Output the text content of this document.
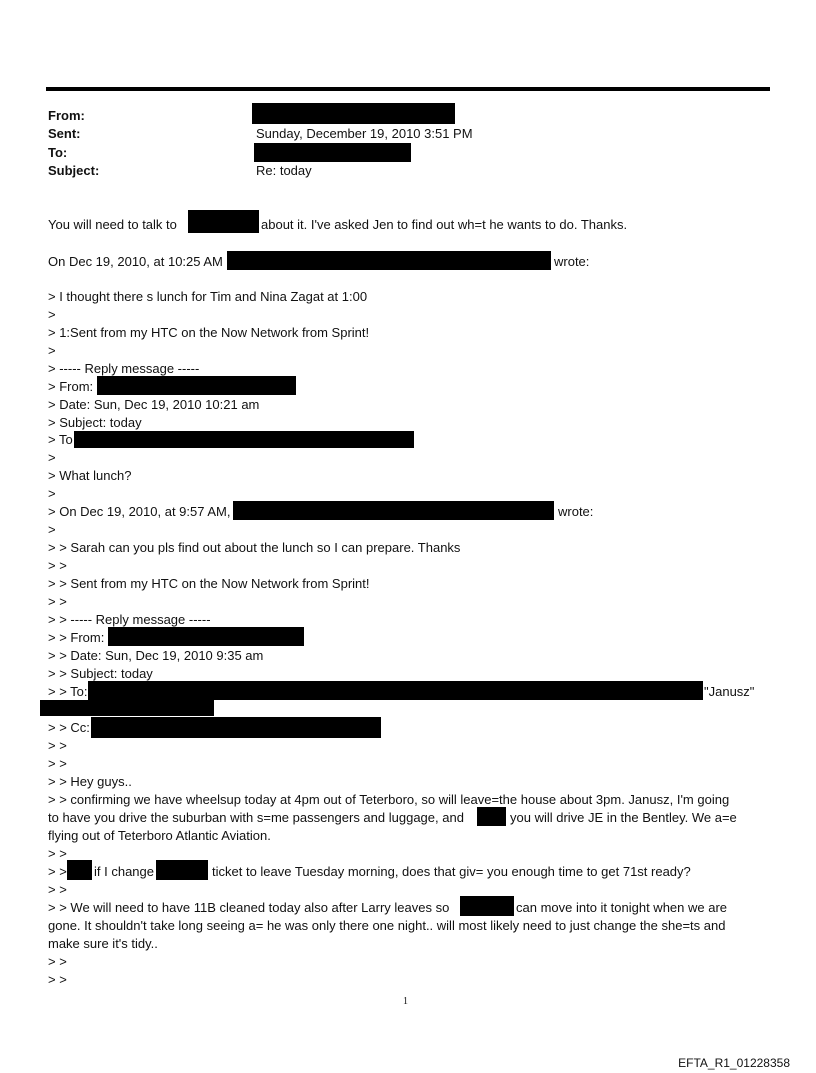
From:
Sent:	Sunday, December 19, 2010 3:51 PM
To:
Subject:	Re: today
You will need to talk to	about it. I've asked Jen to find out wh=t he wants to do. Thanks.
On Dec 19, 2010, at 10:25 AM	wrote:
> I thought there s lunch for Tim and Nina Zagat at 1:00
>
> 1:Sent from my HTC on the Now Network from Sprint!
>
> ----- Reply message -----
> From:
> Date: Sun, Dec 19, 2010 10:21 am
> Subject: today
> To
>
> What lunch?
>
> On Dec 19, 2010, at 9:57 AM,	wrote:
>
> > Sarah can you pls find out about the lunch so I can prepare. Thanks
> >
> > Sent from my HTC on the Now Network from Sprint!
> >
> > ----- Reply message -----
> > From:
> > Date: Sun, Dec 19, 2010 9:35 am
> > Subject: today
> > To:	"Janusz"
> > Cc:
> >
> >
> > Hey guys..
> > confirming we have wheelsup today at 4pm out of Teterboro, so will leave=the house about 3pm. Janusz, I'm going
to have you drive the suburban with s=me passengers and luggage, and	you will drive JE in the Bentley. We a=e
flying out of Teterboro Atlantic Aviation.
> >
> > if I change	ticket to leave Tuesday morning, does that giv= you enough time to get 71st ready?
> >
> > We will need to have 11B cleaned today also after Larry leaves so	can move into it tonight when we are
gone. It shouldn't take long seeing a= he was only there one night.. will most likely need to just change the she=ts and
make sure it's tidy..
> >
> >
1
EFTA_R1_01228358
